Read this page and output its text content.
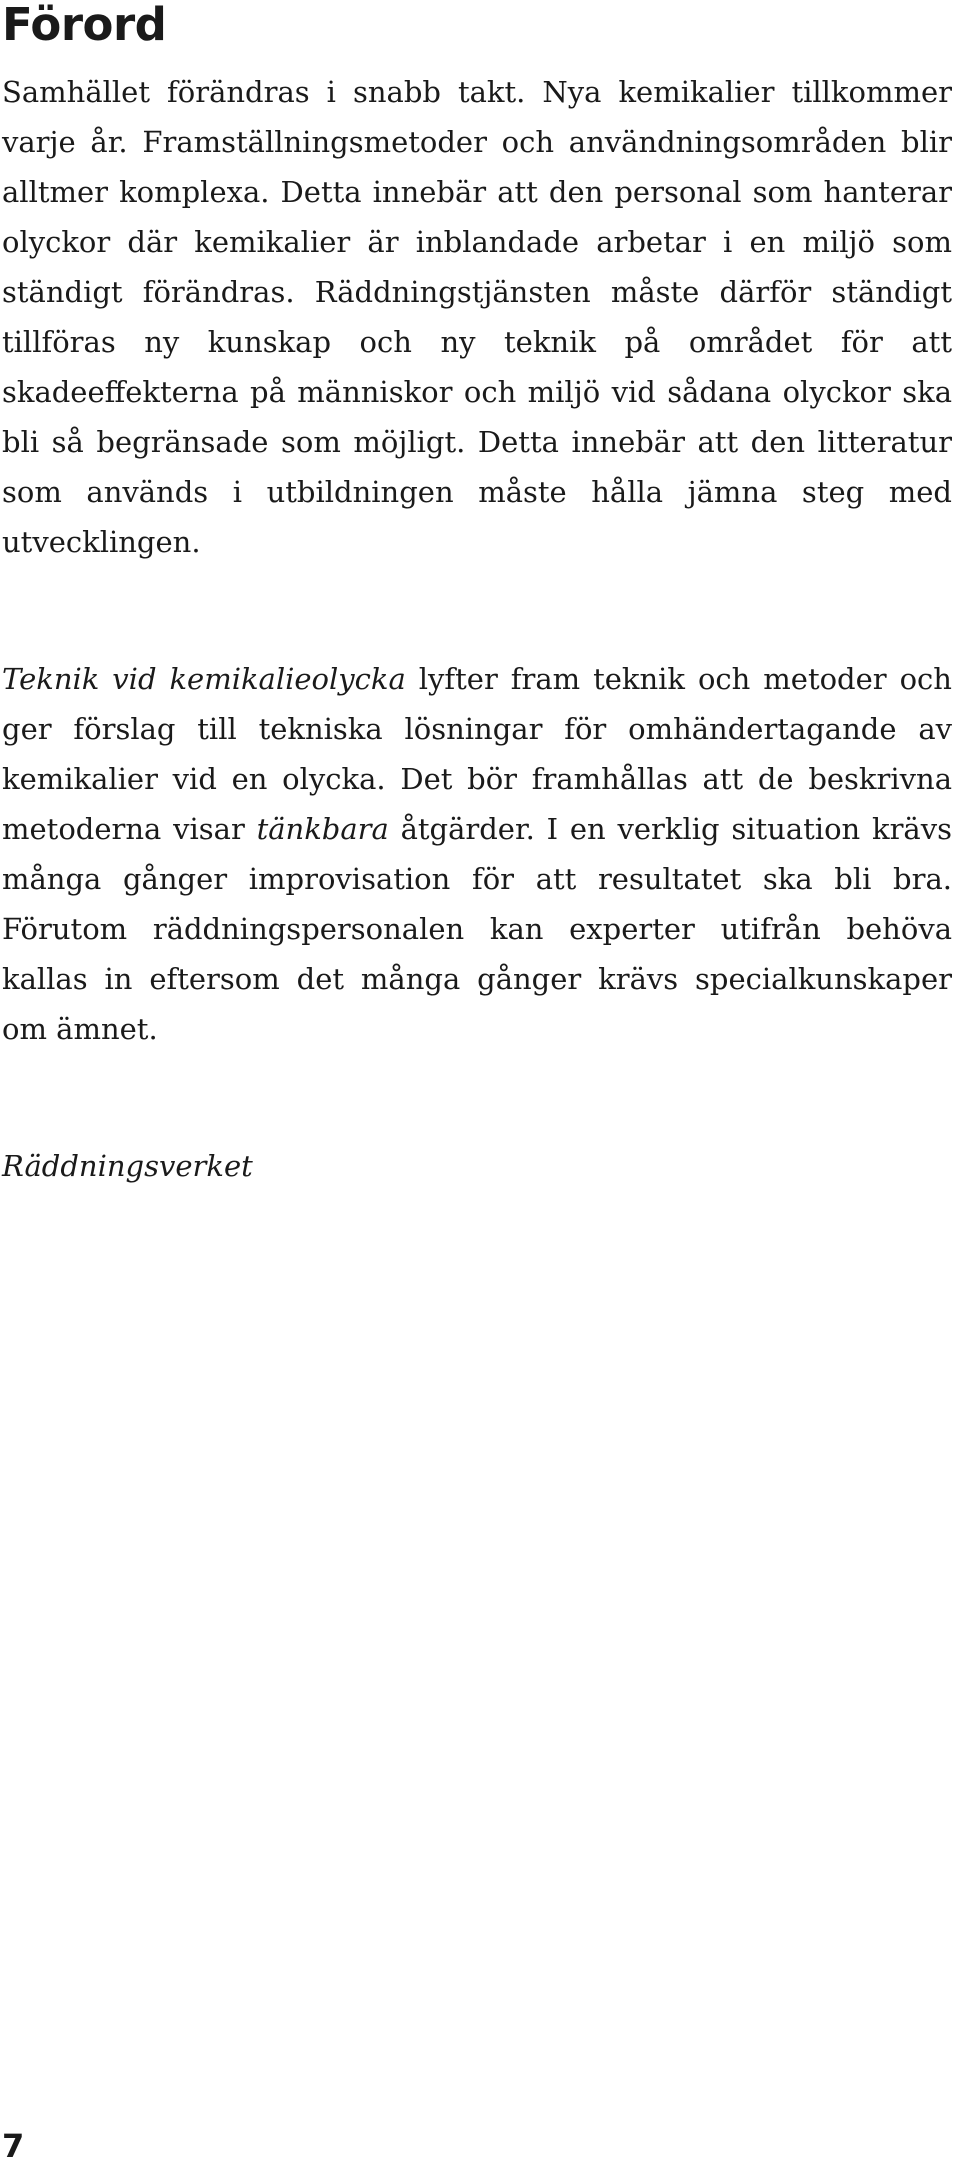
Förord

Samhället förändras i snabb takt. Nya kemikalier tillkommer varje år. Framställningsmetoder och användningsområden blir alltmer komplexa. Detta innebär att den personal som hanterar olyckor där kemikalier är inblandade arbetar i en miljö som ständigt förändras. Räddningstjänsten måste därför ständigt tillföras ny kunskap och ny teknik på området för att skadeeffekterna på människor och miljö vid sådana olyckor ska bli så begränsade som möjligt. Detta innebär att den litteratur som används i utbildningen måste hålla jämna steg med utvecklingen.

Teknik vid kemikalieolycka lyfter fram teknik och metoder och ger förslag till tekniska lösningar för omhändertagande av kemikalier vid en olycka. Det bör framhållas att de beskrivna metoderna visar tänkbara åtgärder. I en verklig situation krävs många gånger improvisation för att resultatet ska bli bra. Förutom räddningspersonalen kan experter utifrån behöva kallas in eftersom det många gånger krävs specialkunskaper om ämnet.

Räddningsverket

7
